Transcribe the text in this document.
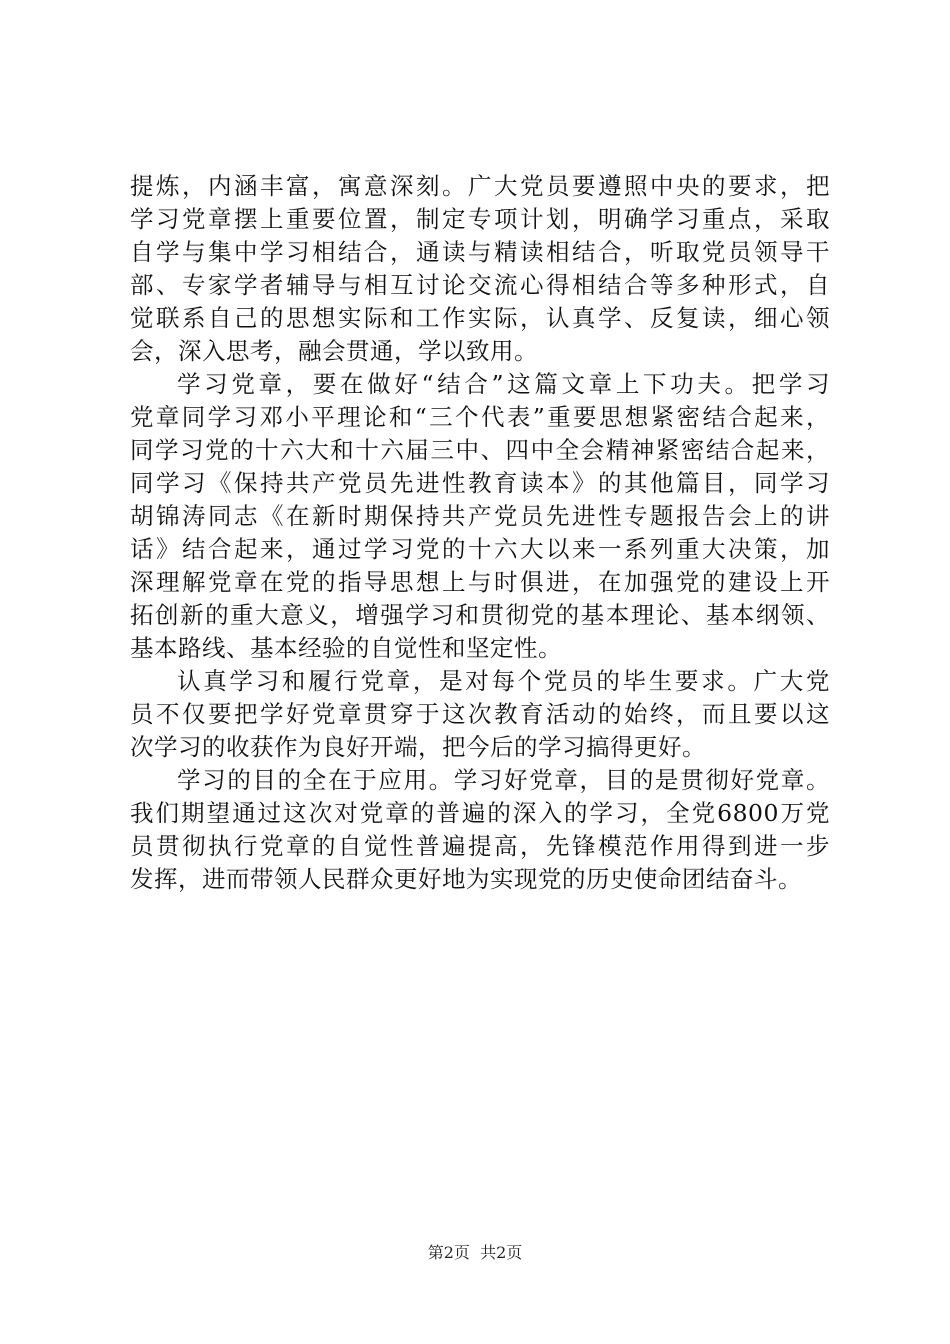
提炼，内涵丰富，寓意深刻。广大党员要遵照中央的要求，把
学习党章摆上重要位置，制定专项计划，明确学习重点，采取
自学与集中学习相结合，通读与精读相结合，听取党员领导干
部、专家学者辅导与相互讨论交流心得相结合等多种形式，自
觉联系自己的思想实际和工作实际，认真学、反复读，细心领
会，深入思考，融会贯通，学以致用。
学习党章，要在做好“结合”这篇文章上下功夫。把学习
党章同学习邓小平理论和“三个代表”重要思想紧密结合起来，
同学习党的十六大和十六届三中、四中全会精神紧密结合起来，
同学习《保持共产党员先进性教育读本》的其他篇目，同学习
胡锦涛同志《在新时期保持共产党员先进性专题报告会上的讲
话》结合起来，通过学习党的十六大以来一系列重大决策，加
深理解党章在党的指导思想上与时俱进，在加强党的建设上开
拓创新的重大意义，增强学习和贯彻党的基本理论、基本纲领、
基本路线、基本经验的自觉性和坚定性。
认真学习和履行党章，是对每个党员的毕生要求。广大党
员不仅要把学好党章贯穿于这次教育活动的始终，而且要以这
次学习的收获作为良好开端，把今后的学习搞得更好。
学习的目的全在于应用。学习好党章，目的是贯彻好党章。
我们期望通过这次对党章的普遍的深入的学习，全党6800万党
员贯彻执行党章的自觉性普遍提高，先锋模范作用得到进一步
发挥，进而带领人民群众更好地为实现党的历史使命团结奋斗。
第2页  共2页
